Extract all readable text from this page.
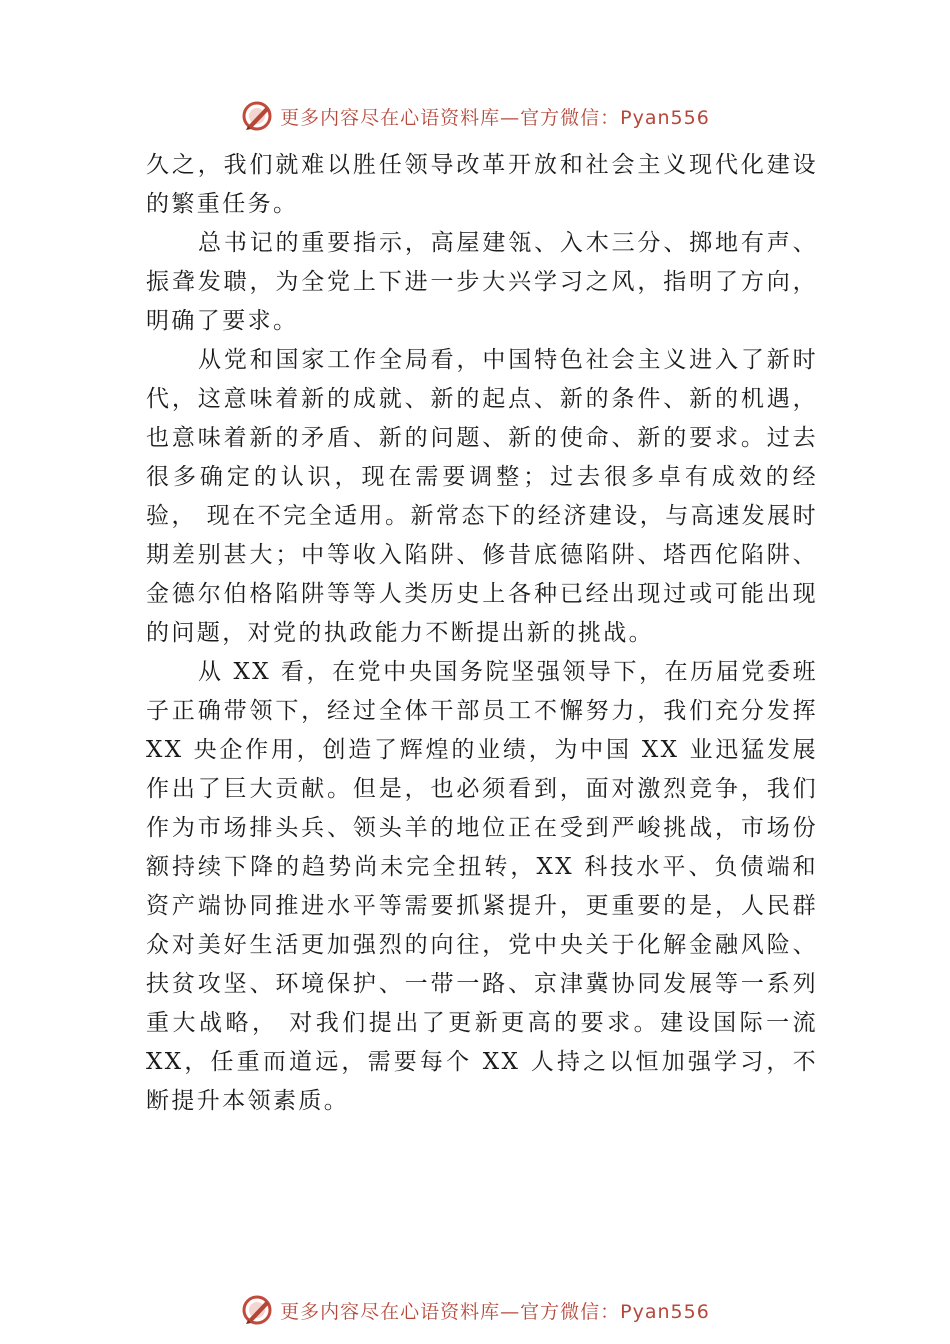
更多内容尽在心语资料库—官方微信：Pyan556

久之，我们就难以胜任领导改革开放和社会主义现代化建设的繁重任务。

总书记的重要指示，高屋建瓴、入木三分、掷地有声、振聋发聩，为全党上下进一步大兴学习之风，指明了方向， 明确了要求。

从党和国家工作全局看，中国特色社会主义进入了新时代，这意味着新的成就、新的起点、新的条件、新的机遇， 也意味着新的矛盾、新的问题、新的使命、新的要求。过去很多确定的认识，现在需要调整；过去很多卓有成效的经验， 现在不完全适用。新常态下的经济建设，与高速发展时期差别甚大；中等收入陷阱、修昔底德陷阱、塔西佗陷阱、金德尔伯格陷阱等等人类历史上各种已经出现过或可能出现的问题，对党的执政能力不断提出新的挑战。

从 XX 看，在党中央国务院坚强领导下，在历届党委班子正确带领下，经过全体干部员工不懈努力，我们充分发挥 XX 央企作用，创造了辉煌的业绩，为中国 XX 业迅猛发展作出了巨大贡献。但是，也必须看到，面对激烈竞争，我们作为市场排头兵、领头羊的地位正在受到严峻挑战，市场份额持续下降的趋势尚未完全扭转，XX 科技水平、负债端和资产端协同推进水平等需要抓紧提升，更重要的是，人民群众对美好生活更加强烈的向往，党中央关于化解金融风险、扶贫攻坚、环境保护、一带一路、京津冀协同发展等一系列重大战略， 对我们提出了更新更高的要求。建设国际一流 XX，任重而道远，需要每个 XX 人持之以恒加强学习，不断提升本领素质。

更多内容尽在心语资料库—官方微信：Pyan556
